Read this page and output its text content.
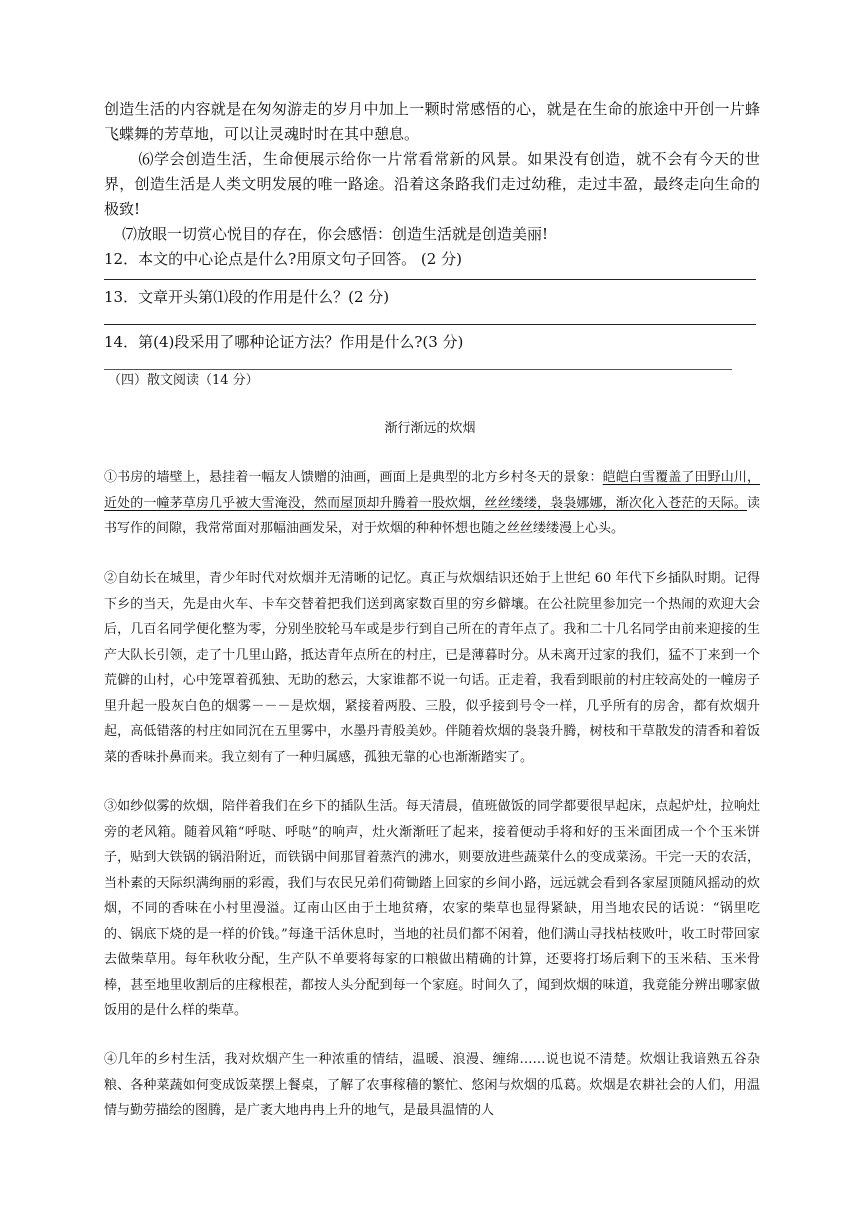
创造生活的内容就是在匆匆游走的岁月中加上一颗时常感悟的心，就是在生命的旅途中开创一片蜂飞蝶舞的芳草地，可以让灵魂时时在其中憩息。

⑹学会创造生活，生命便展示给你一片常看常新的风景。如果没有创造，就不会有今天的世界，创造生活是人类文明发展的唯一路途。沿着这条路我们走过幼稚，走过丰盈，最终走向生命的极致!

⑺放眼一切赏心悦目的存在，你会感悟：创造生活就是创造美丽!

12．本文的中心论点是什么?用原文句子回答。 (2 分)

13．文章开头第⑴段的作用是什么？(2 分)

14．第(4)段采用了哪种论证方法？作用是什么?(3 分)

（四）散文阅读（14 分）

渐行渐远的炊烟

①书房的墙壁上，悬挂着一幅友人馈赠的油画，画面上是典型的北方乡村冬天的景象：皑皑白雪覆盖了田野山川，近处的一幢茅草房几乎被大雪淹没，然而屋顶却升腾着一股炊烟，丝丝缕缕，袅袅娜娜，渐次化入苍茫的天际。读书写作的间隙，我常常面对那幅油画发呆，对于炊烟的种种怀想也随之丝丝缕缕漫上心头。

②自幼长在城里，青少年时代对炊烟并无清晰的记忆。真正与炊烟结识还始于上世纪 60 年代下乡插队时期。记得下乡的当天，先是由火车、卡车交替着把我们送到离家数百里的穷乡僻壤。在公社院里参加完一个热闹的欢迎大会后，几百名同学便化整为零，分别坐胶轮马车或是步行到自己所在的青年点了。我和二十几名同学由前来迎接的生产大队长引领，走了十几里山路，抵达青年点所在的村庄，已是薄暮时分。从未离开过家的我们，猛不丁来到一个荒僻的山村，心中笼罩着孤独、无助的愁云，大家谁都不说一句话。正走着，我看到眼前的村庄较高处的一幢房子里升起一股灰白色的烟雾－－－是炊烟，紧接着两股、三股，似乎接到号令一样，几乎所有的房舍，都有炊烟升起，高低错落的村庄如同沉在五里雾中，水墨丹青般美妙。伴随着炊烟的袅袅升腾，树枝和干草散发的清香和着饭菜的香味扑鼻而来。我立刻有了一种归属感，孤独无靠的心也渐渐踏实了。

③如纱似雾的炊烟，陪伴着我们在乡下的插队生活。每天清晨，值班做饭的同学都要很早起床，点起炉灶，拉响灶旁的老风箱。随着风箱“呼哒、呼哒”的响声，灶火渐渐旺了起来，接着便动手将和好的玉米面团成一个个玉米饼子，贴到大铁锅的锅沿附近，而铁锅中间那冒着蒸汽的沸水，则要放进些蔬菜什么的变成菜汤。干完一天的农活，当朴素的天际织满绚丽的彩霞，我们与农民兄弟们荷锄踏上回家的乡间小路，远远就会看到各家屋顶随风摇动的炊烟，不同的香味在小村里漫溢。辽南山区由于土地贫瘠，农家的柴草也显得紧缺，用当地农民的话说：“锅里吃的、锅底下烧的是一样的价钱。”每逢干活休息时，当地的社员们都不闲着，他们满山寻找枯枝败叶，收工时带回家去做柴草用。每年秋收分配，生产队不单要将每家的口粮做出精确的计算，还要将打场后剩下的玉米秸、玉米骨棒，甚至地里收割后的庄稼根茬，都按人头分配到每一个家庭。时间久了，闻到炊烟的味道，我竟能分辨出哪家做饭用的是什么样的柴草。

④几年的乡村生活，我对炊烟产生一种浓重的情结，温暖、浪漫、缠绵……说也说不清楚。炊烟让我谙熟五谷杂粮、各种菜蔬如何变成饭菜摆上餐桌，了解了农事稼穑的繁忙、悠闲与炊烟的瓜葛。炊烟是农耕社会的人们，用温情与勤劳描绘的图腾，是广袤大地冉冉上升的地气，是最具温情的人
